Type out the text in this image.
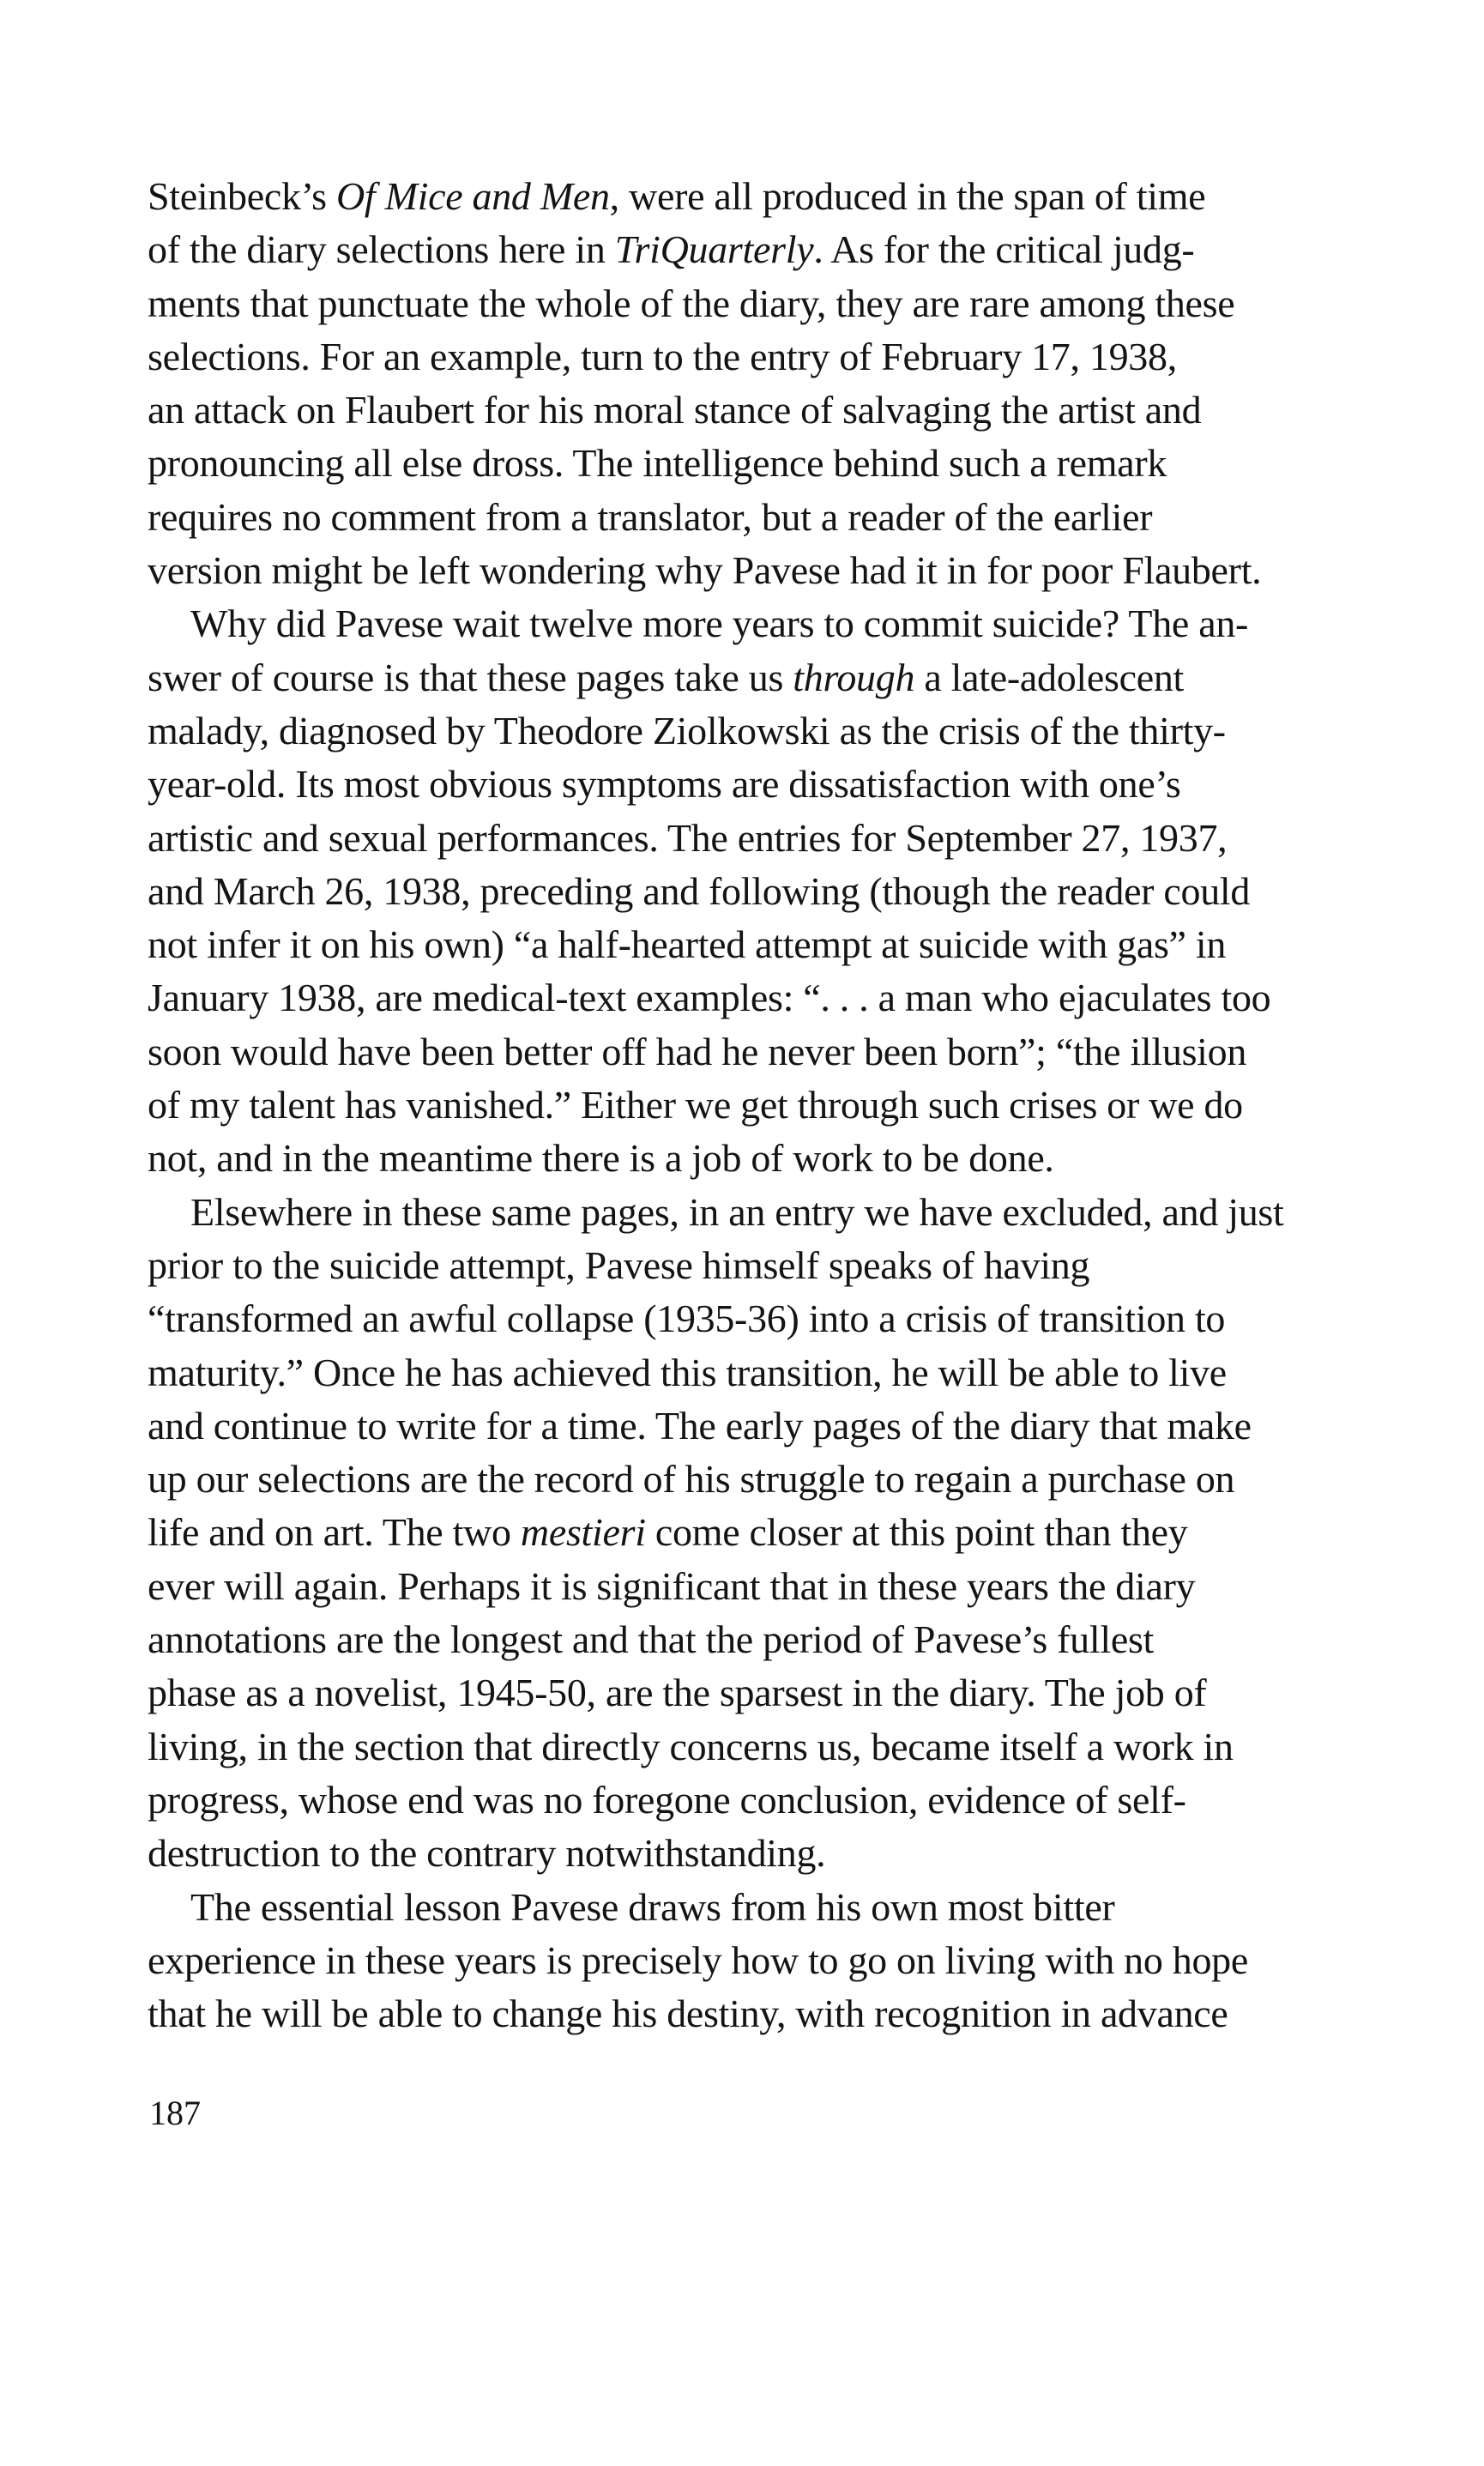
Steinbeck’s Of Mice and Men, were all produced in the span of time
of the diary selections here in TriQuarterly. As for the critical judg-
ments that punctuate the whole of the diary, they are rare among these
selections. For an example, turn to the entry of February 17, 1938,
an attack on Flaubert for his moral stance of salvaging the artist and
pronouncing all else dross. The intelligence behind such a remark
requires no comment from a translator, but a reader of the earlier
version might be left wondering why Pavese had it in for poor Flaubert.
Why did Pavese wait twelve more years to commit suicide? The an-
swer of course is that these pages take us through a late-adolescent
malady, diagnosed by Theodore Ziolkowski as the crisis of the thirty-
year-old. Its most obvious symptoms are dissatisfaction with one’s
artistic and sexual performances. The entries for September 27, 1937,
and March 26, 1938, preceding and following (though the reader could
not infer it on his own) “a half-hearted attempt at suicide with gas” in
January 1938, are medical-text examples: “. . . a man who ejaculates too
soon would have been better off had he never been born”; “the illusion
of my talent has vanished.” Either we get through such crises or we do
not, and in the meantime there is a job of work to be done.
Elsewhere in these same pages, in an entry we have excluded, and just
prior to the suicide attempt, Pavese himself speaks of having
“transformed an awful collapse (1935-36) into a crisis of transition to
maturity.” Once he has achieved this transition, he will be able to live
and continue to write for a time. The early pages of the diary that make
up our selections are the record of his struggle to regain a purchase on
life and on art. The two mestieri come closer at this point than they
ever will again. Perhaps it is significant that in these years the diary
annotations are the longest and that the period of Pavese’s fullest
phase as a novelist, 1945-50, are the sparsest in the diary. The job of
living, in the section that directly concerns us, became itself a work in
progress, whose end was no foregone conclusion, evidence of self-
destruction to the contrary notwithstanding.
The essential lesson Pavese draws from his own most bitter
experience in these years is precisely how to go on living with no hope
that he will be able to change his destiny, with recognition in advance
187
